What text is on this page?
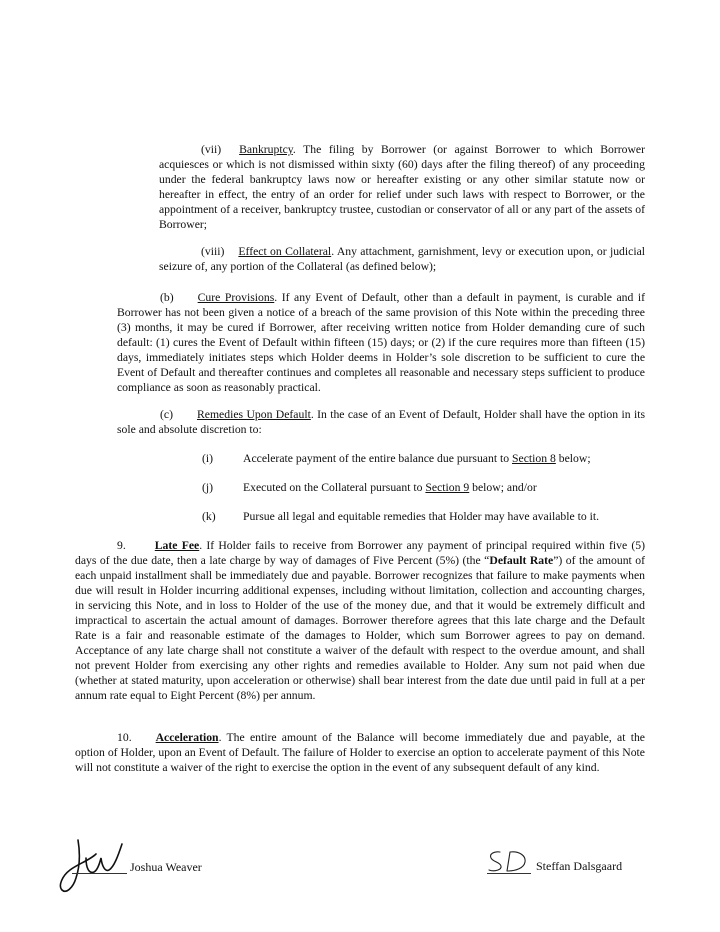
(vii) Bankruptcy. The filing by Borrower (or against Borrower to which Borrower acquiesces or which is not dismissed within sixty (60) days after the filing thereof) of any proceeding under the federal bankruptcy laws now or hereafter existing or any other similar statute now or hereafter in effect, the entry of an order for relief under such laws with respect to Borrower, or the appointment of a receiver, bankruptcy trustee, custodian or conservator of all or any part of the assets of Borrower;

(viii) Effect on Collateral. Any attachment, garnishment, levy or execution upon, or judicial seizure of, any portion of the Collateral (as defined below);

(b) Cure Provisions. If any Event of Default, other than a default in payment, is curable and if Borrower has not been given a notice of a breach of the same provision of this Note within the preceding three (3) months, it may be cured if Borrower, after receiving written notice from Holder demanding cure of such default: (1) cures the Event of Default within fifteen (15) days; or (2) if the cure requires more than fifteen (15) days, immediately initiates steps which Holder deems in Holder’s sole discretion to be sufficient to cure the Event of Default and thereafter continues and completes all reasonable and necessary steps sufficient to produce compliance as soon as reasonably practical.

(c) Remedies Upon Default. In the case of an Event of Default, Holder shall have the option in its sole and absolute discretion to:

(i)	Accelerate payment of the entire balance due pursuant to Section 8 below;
(j)	Executed on the Collateral pursuant to Section 9 below; and/or
(k) Pursue all legal and equitable remedies that Holder may have available to it.

9. Late Fee. If Holder fails to receive from Borrower any payment of principal required within five (5) days of the due date, then a late charge by way of damages of Five Percent (5%) (the “Default Rate”) of the amount of each unpaid installment shall be immediately due and payable. Borrower recognizes that failure to make payments when due will result in Holder incurring additional expenses, including without limitation, collection and accounting charges, in servicing this Note, and in loss to Holder of the use of the money due, and that it would be extremely difficult and impractical to ascertain the actual amount of damages. Borrower therefore agrees that this late charge and the Default Rate is a fair and reasonable estimate of the damages to Holder, which sum Borrower agrees to pay on demand. Acceptance of any late charge shall not constitute a waiver of the default with respect to the overdue amount, and shall not prevent Holder from exercising any other rights and remedies available to Holder. Any sum not paid when due (whether at stated maturity, upon acceleration or otherwise) shall bear interest from the date due until paid in full at a per annum rate equal to Eight Percent (8%) per annum.

10. Acceleration. The entire amount of the Balance will become immediately due and payable, at the option of Holder, upon an Event of Default. The failure of Holder to exercise an option to accelerate payment of this Note will not constitute a waiver of the right to exercise the option in the event of any subsequent default of any kind.

Joshua Weaver	Steffan Dalsgaard
